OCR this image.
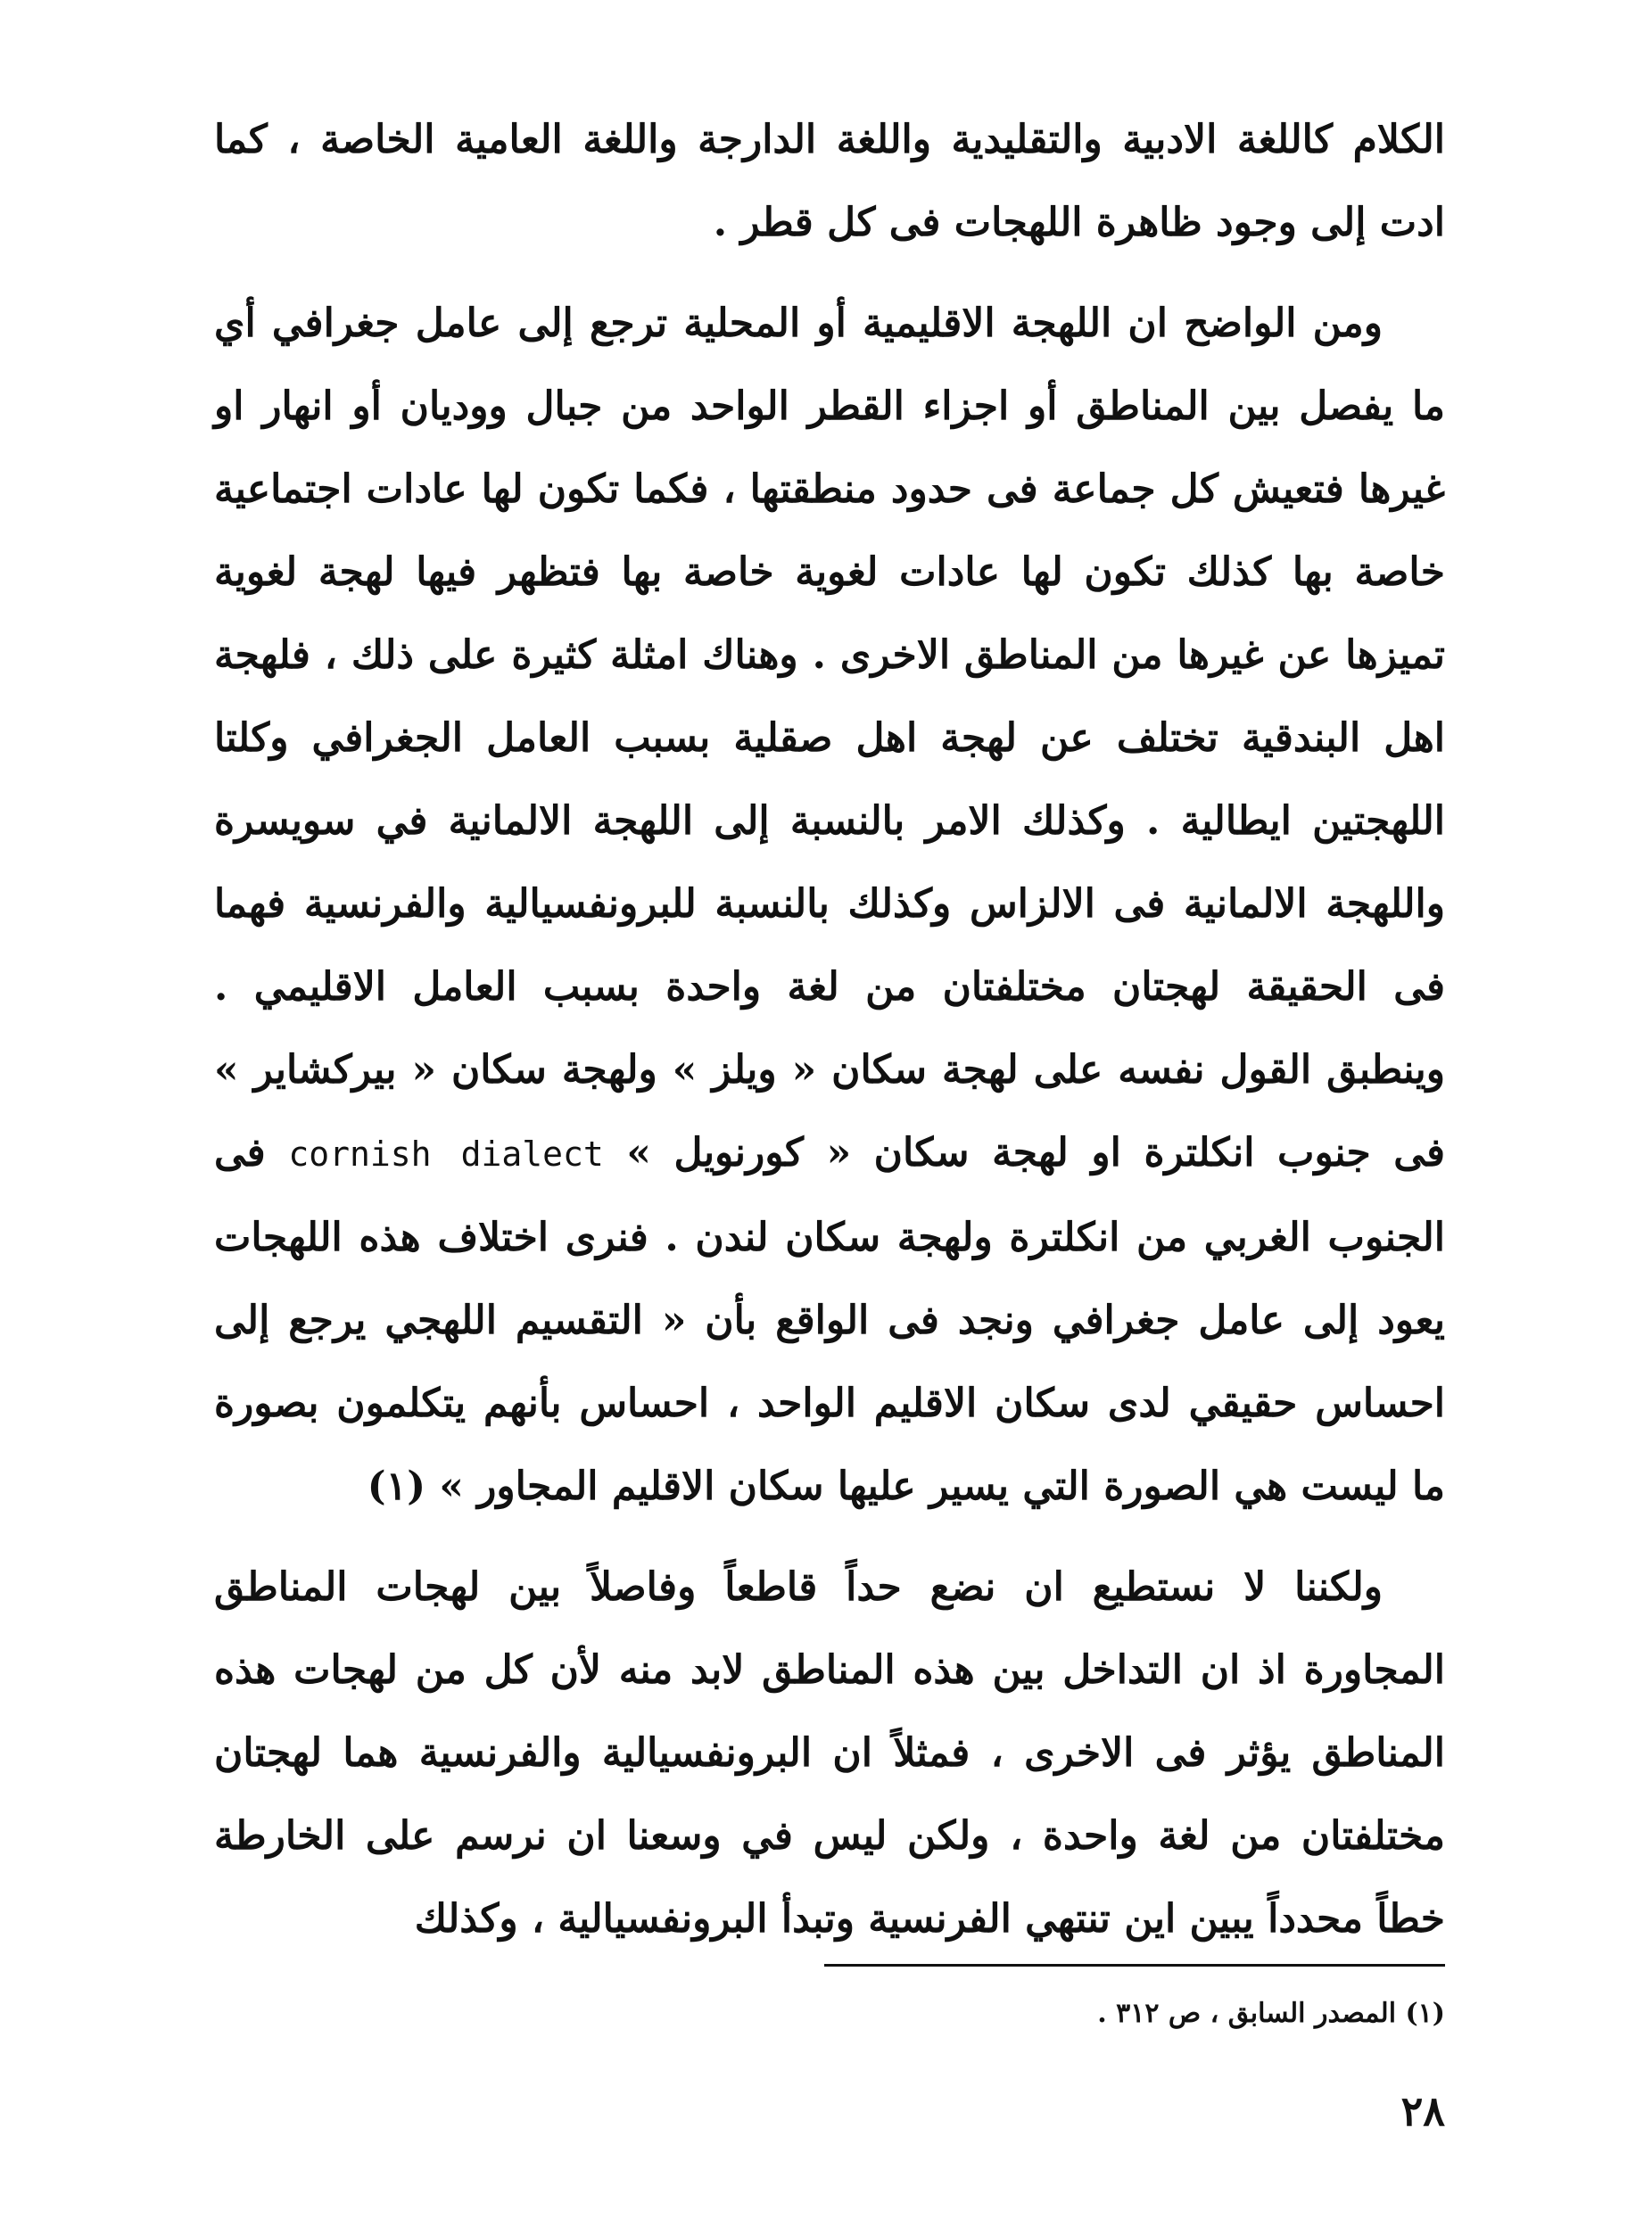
الكلام كاللغة الادبية والتقليدية واللغة الدارجة واللغة العامية الخاصة ، كما ادت إلى وجود ظاهرة اللهجات فى كل قطر .

ومن الواضح ان اللهجة الاقليمية أو المحلية ترجع إلى عامل جغرافي أي ما يفصل بين المناطق أو اجزاء القطر الواحد من جبال ووديان أو انهار او غيرها فتعيش كل جماعة فى حدود منطقتها ، فكما تكون لها عادات اجتماعية خاصة بها كذلك تكون لها عادات لغوية خاصة بها فتظهر فيها لهجة لغوية تميزها عن غيرها من المناطق الاخرى . وهناك امثلة كثيرة على ذلك ، فلهجة اهل البندقية تختلف عن لهجة اهل صقلية بسبب العامل الجغرافي وكلتا اللهجتين ايطالية . وكذلك الامر بالنسبة إلى اللهجة الالمانية في سويسرة واللهجة الالمانية فى الالزاس وكذلك بالنسبة للبرونفسيالية والفرنسية فهما فى الحقيقة لهجتان مختلفتان من لغة واحدة بسبب العامل الاقليمي . وينطبق القول نفسه على لهجة سكان « ويلز » ولهجة سكان « بيركشاير » فى جنوب انكلترة او لهجة سكان « كورنويل » cornish dialect فى الجنوب الغربي من انكلترة ولهجة سكان لندن . فنرى اختلاف هذه اللهجات يعود إلى عامل جغرافي ونجد فى الواقع بأن « التقسيم اللهجي يرجع إلى احساس حقيقي لدى سكان الاقليم الواحد ، احساس بأنهم يتكلمون بصورة ما ليست هي الصورة التي يسير عليها سكان الاقليم المجاور » (١)

ولكننا لا نستطيع ان نضع حداً قاطعاً وفاصلاً بين لهجات المناطق المجاورة اذ ان التداخل بين هذه المناطق لابد منه لأن كل من لهجات هذه المناطق يؤثر فى الاخرى ، فمثلاً ان البرونفسيالية والفرنسية هما لهجتان مختلفتان من لغة واحدة ، ولكن ليس في وسعنا ان نرسم على الخارطة خطاً محدداً يبين اين تنتهي الفرنسية وتبدأ البرونفسيالية ، وكذلك

(١) المصدر السابق ، ص ٣١٢ .
٢٨
